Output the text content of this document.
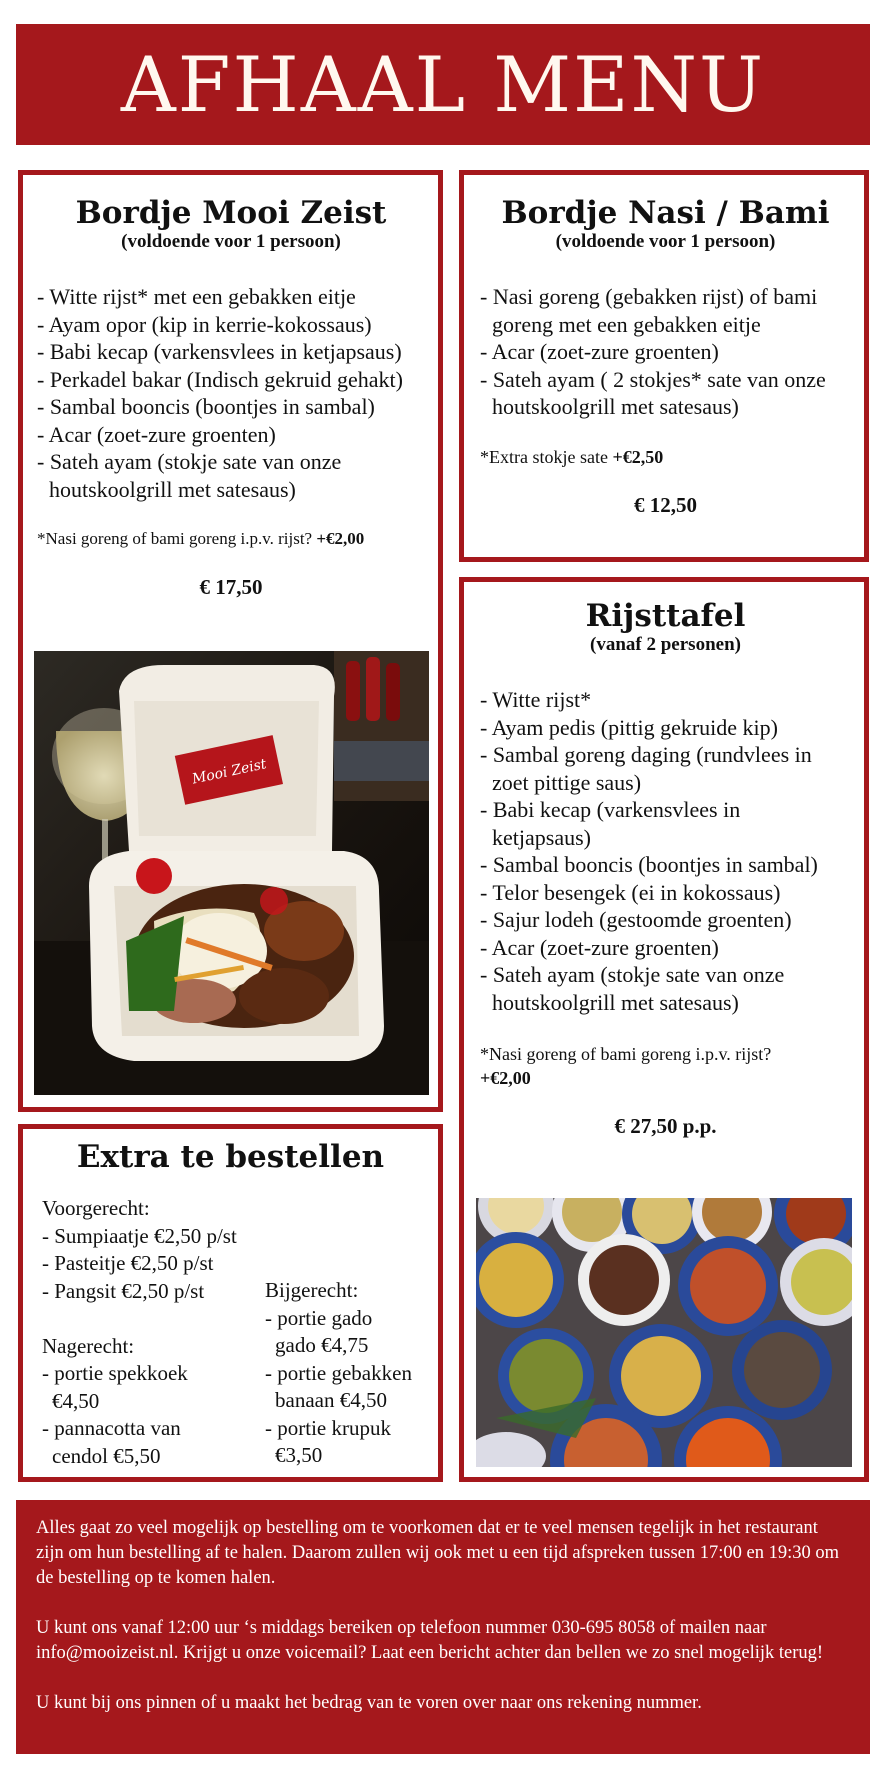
AFHAAL MENU
Bordje Mooi Zeist
(voldoende voor 1 persoon)
- Witte rijst* met een gebakken eitje
- Ayam opor (kip in kerrie-kokossaus)
- Babi kecap (varkensvlees in ketjapsaus)
- Perkadel bakar (Indisch gekruid gehakt)
- Sambal booncis (boontjes in sambal)
- Acar (zoet-zure groenten)
- Sateh ayam (stokje sate van onze houtskoolgrill met satesaus)
*Nasi goreng of bami goreng i.p.v. rijst? +€2,00
€ 17,50
Mooi Zeist
Bordje Nasi / Bami
(voldoende voor 1 persoon)
- Nasi goreng (gebakken rijst) of bami goreng met een gebakken eitje
- Acar (zoet-zure groenten)
- Sateh ayam ( 2 stokjes* sate van onze houtskoolgrill met satesaus)
*Extra stokje sate +€2,50
€ 12,50
Rijsttafel
(vanaf 2 personen)
- Witte rijst*
- Ayam pedis (pittig gekruide kip)
- Sambal goreng daging (rundvlees in zoet pittige saus)
- Babi kecap (varkensvlees in ketjapsaus)
- Sambal booncis (boontjes in sambal)
- Telor besengek (ei in kokossaus)
- Sajur lodeh (gestoomde groenten)
- Acar (zoet-zure groenten)
- Sateh ayam (stokje sate van onze houtskoolgrill met satesaus)
*Nasi goreng of bami goreng i.p.v. rijst?
+€2,00
€ 27,50 p.p.
Extra te bestellen
Voorgerecht:
- Sumpiaatje €2,50 p/st
- Pasteitje €2,50 p/st
- Pangsit €2,50 p/st
Nagerecht:
- portie spekkoek
€4,50
- pannacotta van
cendol €5,50
Bijgerecht:
- portie gado
gado €4,75
- portie gebakken
banaan €4,50
- portie krupuk
€3,50

Alles gaat zo veel mogelijk op bestelling om te voorkomen dat er te veel mensen tegelijk in het restaurant zijn om hun bestelling af te halen. Daarom zullen wij ook met u een tijd afspreken tussen 17:00 en 19:30 om de bestelling op te komen halen.

U kunt ons vanaf 12:00 uur ‘s middags bereiken op telefoon nummer 030-695 8058 of mailen naar info@mooizeist.nl. Krijgt u onze voicemail? Laat een bericht achter dan bellen we zo snel mogelijk terug!

U kunt bij ons pinnen of u maakt het bedrag van te voren over naar ons rekening nummer.
